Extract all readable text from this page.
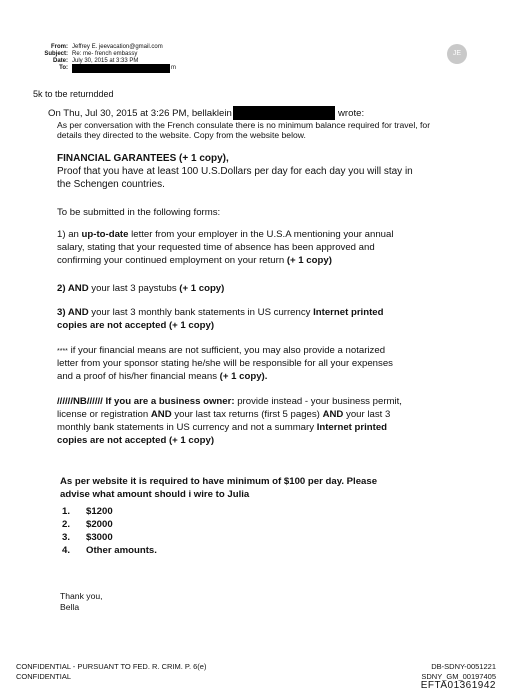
From: Jeffrey E. jeevacation@gmail.com
Subject: Re: me- french embassy
Date: July 30, 2015 at 3:33 PM
To:	m
JE
5k to tbe returndded
On Thu, Jul 30, 2015 at 3:26 PM, bellaklein	wrote:
As per conversation with the French consulate there is no minimum balance required for travel, for
details they directed to the website. Copy from the website below.
FINANCIAL GARANTEES (+ 1 copy),
Proof that you have at least 100 U.S.Dollars per day for each day you will stay in
the Schengen countries.
To be submitted in the following forms:
1) an up-to-date letter from your employer in the U.S.A mentioning your annual
salary, stating that your requested time of absence has been approved and
confirming your continued employment on your return (+ 1 copy)
2) AND your last 3 paystubs (+ 1 copy)
3) AND your last 3 monthly bank statements in US currency Internet printed
copies are not accepted (+ 1 copy)
**** if your financial means are not sufficient, you may also provide a notarized
letter from your sponsor stating he/she will be responsible for all your expenses
and a proof of his/her financial means (+ 1 copy).
//////NB////// If you are a business owner: provide instead - your business permit,
license or registration AND your last tax returns (first 5 pages) AND your last 3
monthly bank statements in US currency and not a summary Internet printed
copies are not accepted (+ 1 copy)
As per website it is required to have minimum of $100 per day. Please
advise what amount should i wire to Julia
1. $1200
2. $2000
3. $3000
4. Other amounts.
Thank you,
Bella
CONFIDENTIAL - PURSUANT TO FED. R. CRIM. P. 6(e)
CONFIDENTIAL
DB-SDNY-0051221
SDNY_GM_00197405
EFTA01361942
